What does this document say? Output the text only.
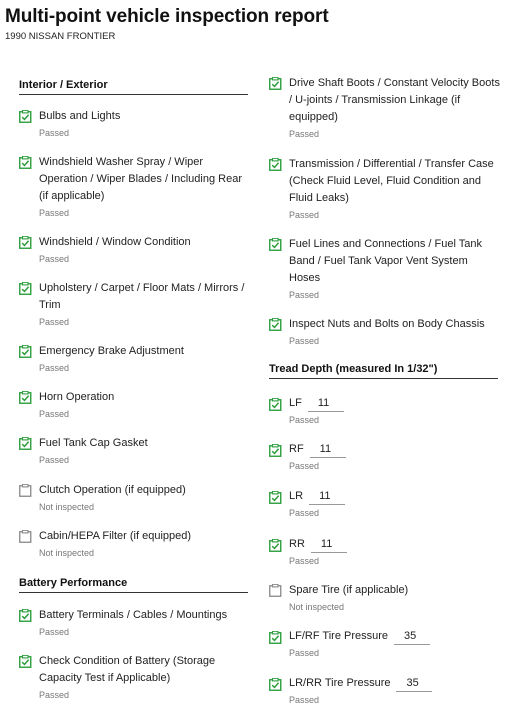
Multi-point vehicle inspection report
1990 NISSAN FRONTIER
Interior / Exterior
Bulbs and Lights
Passed
Windshield Washer Spray / Wiper Operation / Wiper Blades / Including Rear (if applicable)
Passed
Windshield / Window Condition
Passed
Upholstery / Carpet / Floor Mats / Mirrors / Trim
Passed
Emergency Brake Adjustment
Passed
Horn Operation
Passed
Fuel Tank Cap Gasket
Passed
Clutch Operation (if equipped)
Not inspected
Cabin/HEPA Filter (if equipped)
Not inspected
Battery Performance
Battery Terminals / Cables / Mountings
Passed
Check Condition of Battery (Storage Capacity Test if Applicable)
Passed
Drive Shaft Boots / Constant Velocity Boots / U-joints / Transmission Linkage (if equipped)
Passed
Transmission / Differential / Transfer Case (Check Fluid Level, Fluid Condition and Fluid Leaks)
Passed
Fuel Lines and Connections / Fuel Tank Band / Fuel Tank Vapor Vent System Hoses
Passed
Inspect Nuts and Bolts on Body Chassis
Passed
Tread Depth (measured In 1/32")
LF	11
Passed
RF	11
Passed
LR	11
Passed
RR	11
Passed
Spare Tire (if applicable)
Not inspected
LF/RF Tire Pressure	35
Passed
LR/RR Tire Pressure	35
Passed
